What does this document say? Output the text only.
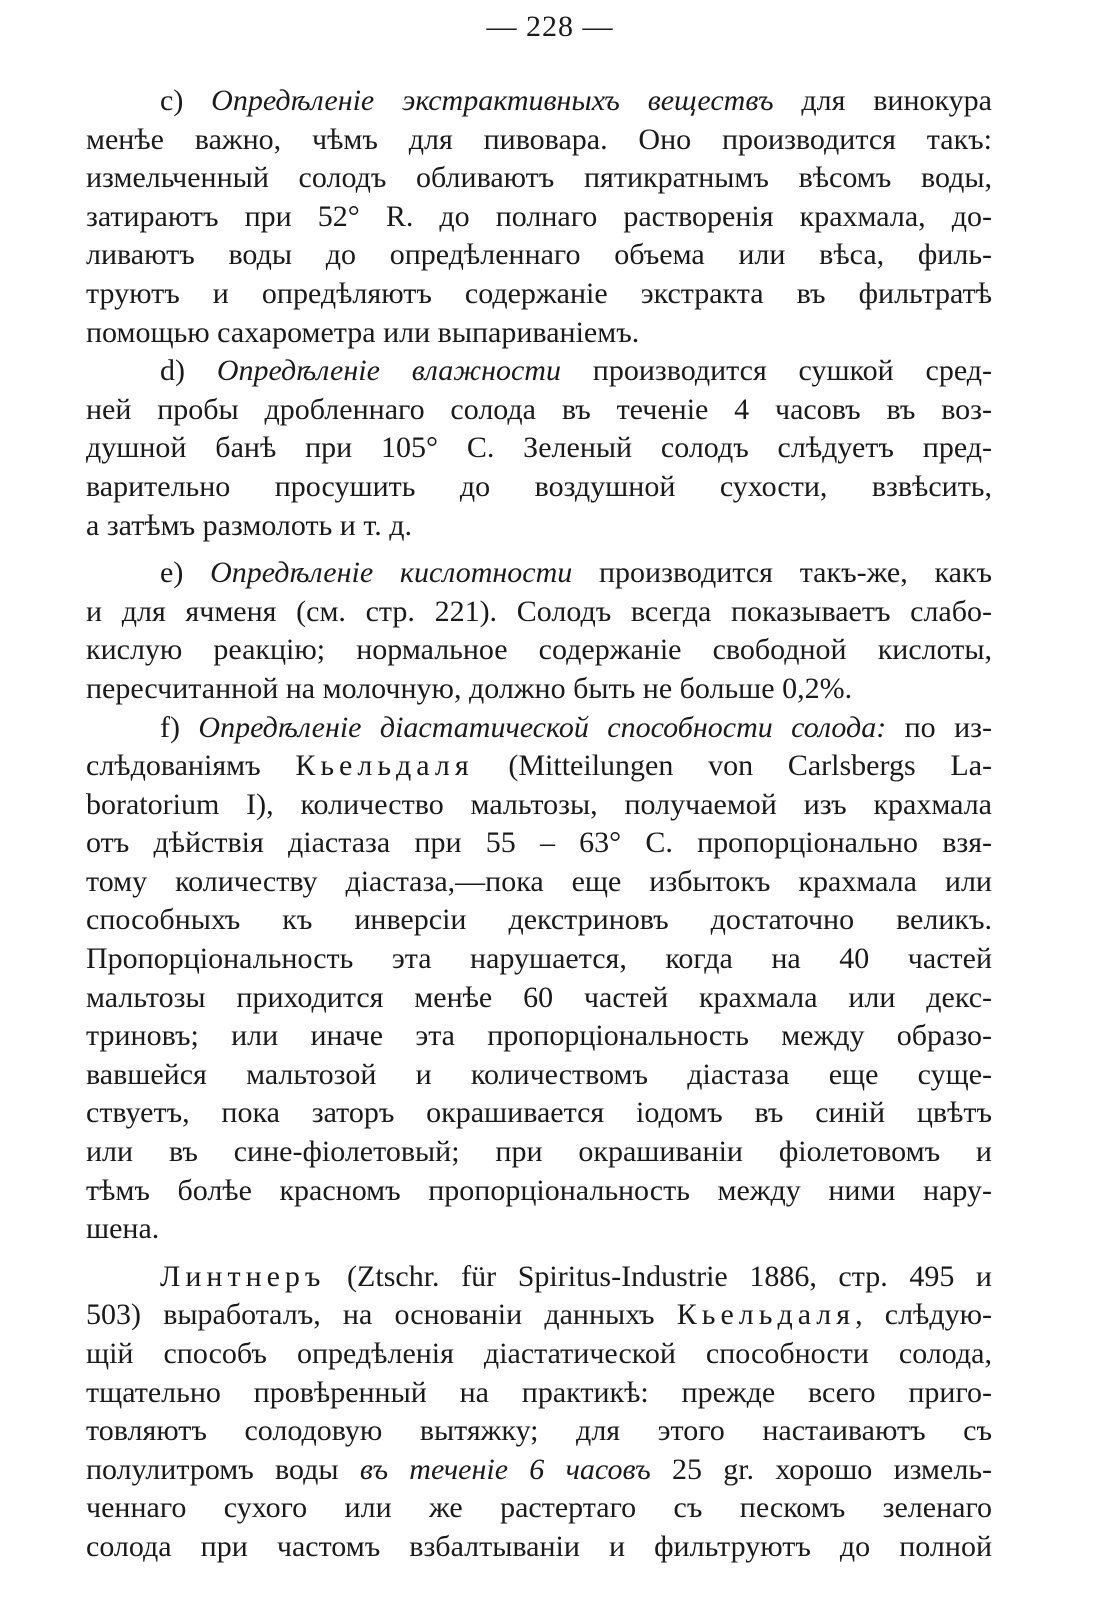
— 228 —
c) Опредѣленіе экстрактивныхъ веществъ для винокура
менѣе важно, чѣмъ для пивовара. Оно производится такъ:
измельченный солодъ обливаютъ пятикратнымъ вѣсомъ воды,
затираютъ при 52° R. до полнаго растворенія крахмала, до-
ливаютъ воды до опредѣленнаго объема или вѣса, филь-
труютъ и опредѣляютъ содержаніе экстракта въ фильтратѣ
помощью сахарометра или выпариваніемъ.
d) Опредѣленіе влажности производится сушкой сред-
ней пробы дробленнаго солода въ теченіе 4 часовъ въ воз-
душной банѣ при 105° C. Зеленый солодъ слѣдуетъ пред-
варительно просушить до воздушной сухости, взвѣсить,
а затѣмъ размолоть и т. д.
e) Опредѣленіе кислотности производится такъ-же, какъ
и для ячменя (см. стр. 221). Солодъ всегда показываетъ слабо-
кислую реакцію; нормальное содержаніе свободной кислоты,
пересчитанной на молочную, должно быть не больше 0,2%.
f) Опредѣленіе діастатической способности солода: по из-
слѣдованіямъ Кьельдаля (Mitteilungen von Carlsbergs La-
boratorium I), количество мальтозы, получаемой изъ крахмала
отъ дѣйствія діастаза при 55 – 63° C. пропорціонально взя-
тому количеству діастаза,—пока еще избытокъ крахмала или
способныхъ къ инверсіи декстриновъ достаточно великъ.
Пропорціональность эта нарушается, когда на 40 частей
мальтозы приходится менѣе 60 частей крахмала или декс-
триновъ; или иначе эта пропорціональность между образо-
вавшейся мальтозой и количествомъ діастаза еще суще-
ствуетъ, пока заторъ окрашивается іодомъ въ синій цвѣтъ
или въ сине-фіолетовый; при окрашиваніи фіолетовомъ и
тѣмъ болѣе красномъ пропорціональность между ними нару-
шена.
Линтнеръ (Ztschr. für Spiritus-Industrie 1886, стр. 495 и
503) выработалъ, на основаніи данныхъ Кьельдаля, слѣдую-
щій способъ опредѣленія діастатической способности солода,
тщательно провѣренный на практикѣ: прежде всего приго-
товляютъ солодовую вытяжку; для этого настаиваютъ съ
полулитромъ воды въ теченіе 6 часовъ 25 gr. хорошо измель-
ченнаго сухого или же растертаго съ пескомъ зеленаго
солода при частомъ взбалтываніи и фильтруютъ до полной
